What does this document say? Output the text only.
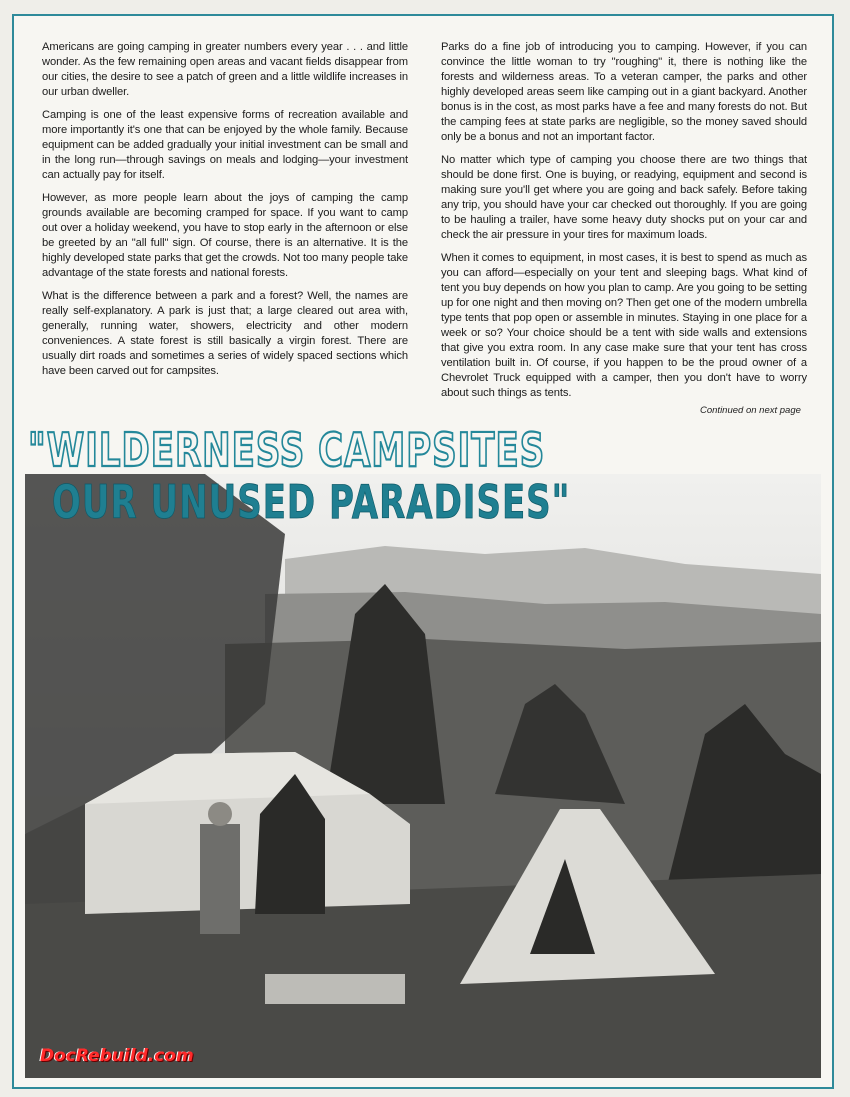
Americans are going camping in greater numbers every year . . . and little wonder. As the few remaining open areas and vacant fields disappear from our cities, the desire to see a patch of green and a little wildlife increases in our urban dweller.

Camping is one of the least expensive forms of recreation available and more importantly it's one that can be enjoyed by the whole family. Because equipment can be added gradually your initial investment can be small and in the long run—through savings on meals and lodging—your investment can actually pay for itself.

However, as more people learn about the joys of camping the camp grounds available are becoming cramped for space. If you want to camp out over a holiday weekend, you have to stop early in the afternoon or else be greeted by an "all full" sign. Of course, there is an alternative. It is the highly developed state parks that get the crowds. Not too many people take advantage of the state forests and national forests.

What is the difference between a park and a forest? Well, the names are really self-explanatory. A park is just that; a large cleared out area with, generally, running water, showers, electricity and other modern conveniences. A state forest is still basically a virgin forest. There are usually dirt roads and sometimes a series of widely spaced sections which have been carved out for campsites.

Parks do a fine job of introducing you to camping. However, if you can convince the little woman to try "roughing" it, there is nothing like the forests and wilderness areas. To a veteran camper, the parks and other highly developed areas seem like camping out in a giant backyard. Another bonus is in the cost, as most parks have a fee and many forests do not. But the camping fees at state parks are negligible, so the money saved should only be a bonus and not an important factor.

No matter which type of camping you choose there are two things that should be done first. One is buying, or readying, equipment and second is making sure you'll get where you are going and back safely. Before taking any trip, you should have your car checked out thoroughly. If you are going to be hauling a trailer, have some heavy duty shocks put on your car and check the air pressure in your tires for maximum loads.

When it comes to equipment, in most cases, it is best to spend as much as you can afford—especially on your tent and sleeping bags. What kind of tent you buy depends on how you plan to camp. Are you going to be setting up for one night and then moving on? Then get one of the modern umbrella type tents that pop open or assemble in minutes. Staying in one place for a week or so? Your choice should be a tent with side walls and extensions that give you extra room. In any case make sure that your tent has cross ventilation built in. Of course, if you happen to be the proud owner of a Chevrolet Truck equipped with a camper, then you don't have to worry about such things as tents.

Continued on next page
"WILDERNESS CAMPSITES
OUR UNUSED PARADISES"
DocRebuild.com
